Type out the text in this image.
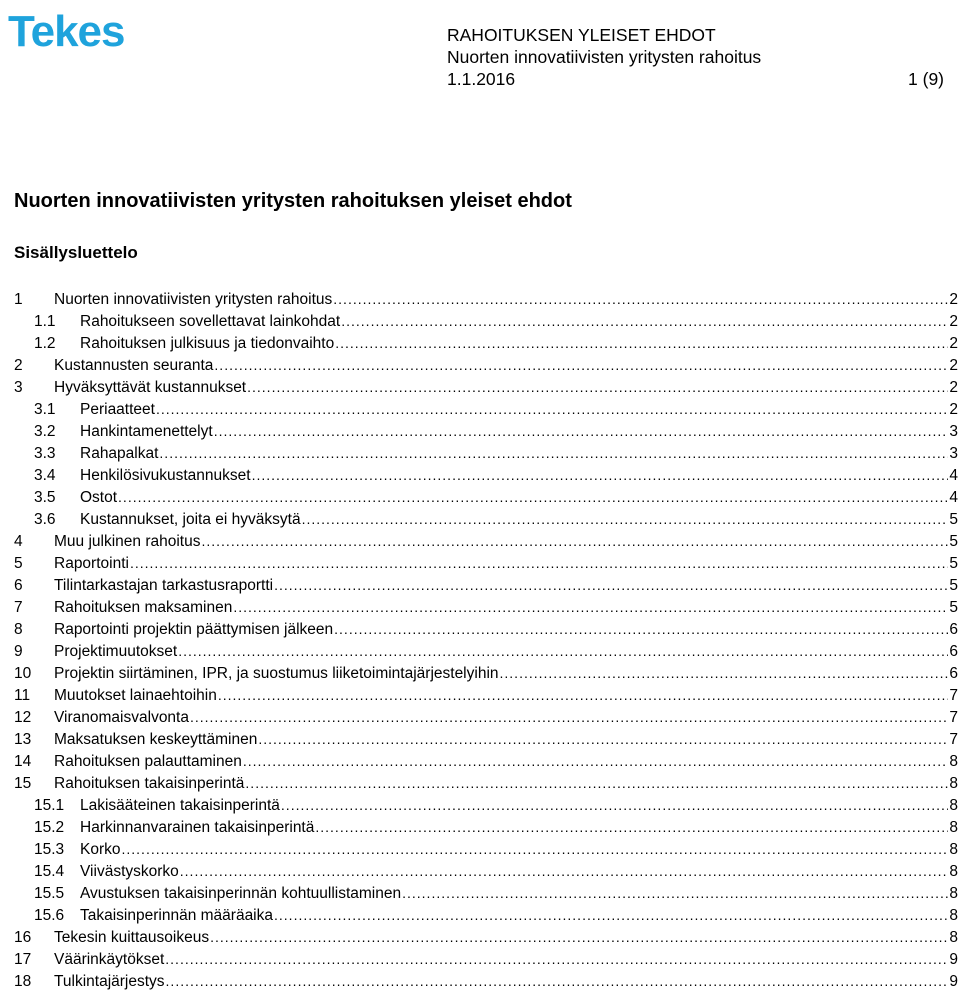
Tekes	RAHOITUKSEN YLEISET EHDOT
Nuorten innovatiivisten yritysten rahoitus
1.1.2016	1 (9)
Nuorten innovatiivisten yritysten rahoituksen yleiset ehdot
Sisällysluettelo
1	Nuorten innovatiivisten yritysten rahoitus .....	2
1.1	Rahoitukseen sovellettavat lainkohdat .....	2
1.2	Rahoituksen julkisuus ja tiedonvaihto .....	2
2	Kustannusten seuranta .....	2
3	Hyväksyttävät kustannukset .....	2
3.1	Periaatteet .....	2
3.2	Hankintamenettelyt .....	3
3.3	Rahapalkat .....	3
3.4	Henkilösivukustannukset .....	4
3.5	Ostot .....	4
3.6	Kustannukset, joita ei hyväksytä .....	5
4	Muu julkinen rahoitus .....	5
5	Raportointi .....	5
6	Tilintarkastajan tarkastusraportti .....	5
7	Rahoituksen maksaminen .....	5
8	Raportointi projektin päättymisen jälkeen .....	6
9	Projektimuutokset .....	6
10	Projektin siirtäminen, IPR, ja suostumus liiketoimintajärjestelyihin .....	6
11	Muutokset lainaehtoihin .....	7
12	Viranomaisvalvonta .....	7
13	Maksatuksen keskeyttäminen .....	7
14	Rahoituksen palauttaminen .....	8
15	Rahoituksen takaisinperintä .....	8
15.1	Lakisääteinen takaisinperintä .....	8
15.2	Harkinnanvarainen takaisinperintä .....	8
15.3	Korko .....	8
15.4	Viivästyskorko .....	8
15.5	Avustuksen takaisinperinnän kohtuullistaminen .....	8
15.6	Takaisinperinnän määräaika .....	8
16	Tekesin kuittausoikeus .....	8
17	Väärinkäytökset .....	9
18	Tulkintajärjestys .....	9
